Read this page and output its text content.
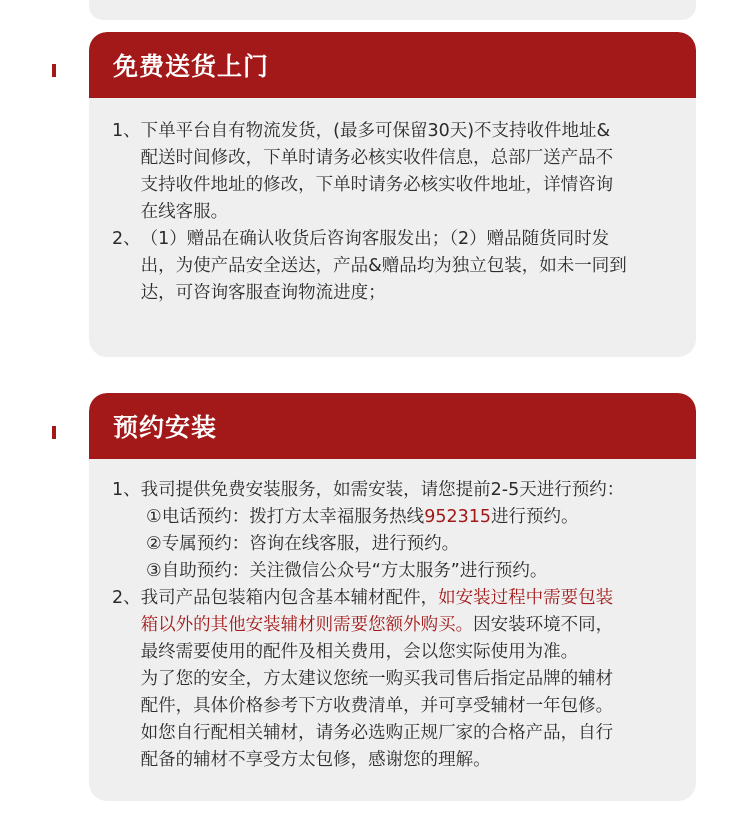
免费送货上门
1、 下单平台自有物流发货，(最多可保留30天)不支持收件地址&
配送时间修改，下单时请务必核实收件信息，总部厂送产品不
支持收件地址的修改，下单时请务必核实收件地址，详情咨询
在线客服。
2、 （1）赠品在确认收货后咨询客服发出；（2）赠品随货同时发
出，为使产品安全送达，产品&赠品均为独立包装，如未一同到
达，可咨询客服查询物流进度；
预约安装
1、 我司提供免费安装服务，如需安装，请您提前2-5天进行预约：
①电话预约：拨打方太幸福服务热线952315进行预约。
②专属预约：咨询在线客服，进行预约。
③自助预约：关注微信公众号“方太服务”进行预约。
2、 我司产品包装箱内包含基本辅材配件，如安装过程中需要包装
箱以外的其他安装辅材则需要您额外购买。因安装环境不同，
最终需要使用的配件及相关费用，会以您实际使用为准。
为了您的安全，方太建议您统一购买我司售后指定品牌的辅材
配件，具体价格参考下方收费清单，并可享受辅材一年包修。
如您自行配相关辅材，请务必选购正规厂家的合格产品，自行
配备的辅材不享受方太包修，感谢您的理解。
